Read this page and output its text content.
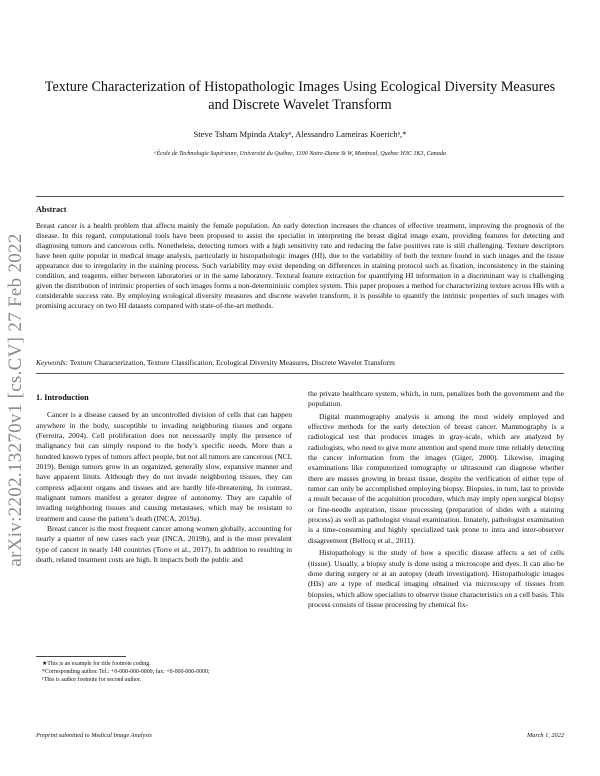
arXiv:2202.13270v1 [cs.CV] 27 Feb 2022
Texture Characterization of Histopathologic Images Using Ecological Diversity Measures and Discrete Wavelet Transform
Steve Tsham Mpinda Atakyᵃ, Alessandro Lameiras Koerichᵃ,*
ᵃÉcole de Technologie Supérieure, Université du Québec, 1100 Notre-Dame St W, Montreal, Quebec H3C 1K3, Canada
Abstract

Breast cancer is a health problem that affects mainly the female population. An early detection increases the chances of effective treatment, improving the prognosis of the disease. In this regard, computational tools have been proposed to assist the specialist in interpreting the breast digital image exam, providing features for detecting and diagnosing tumors and cancerous cells. Nonetheless, detecting tumors with a high sensitivity rate and reducing the false positives rate is still challenging. Texture descriptors have been quite popular in medical image analysis, particularly in histopathologic images (HI), due to the variability of both the texture found in such images and the tissue appearance due to irregularity in the staining process. Such variability may exist depending on differences in staining protocol such as fixation, inconsistency in the staining condition, and reagents, either between laboratories or in the same laboratory. Textural feature extraction for quantifying HI information in a discriminant way is challenging given the distribution of intrinsic properties of such images forms a non-deterministic complex system. This paper proposes a method for characterizing texture across HIs with a considerable success rate. By employing ecological diversity measures and discrete wavelet transform, it is possible to quantify the intrinsic properties of such images with promising accuracy on two HI datasets compared with state-of-the-art methods.

Keywords: Texture Characterization, Texture Classification, Ecological Diversity Measures, Discrete Wavelet Transform
1. Introduction

Cancer is a disease caused by an uncontrolled division of cells that can happen anywhere in the body, susceptible to invading neighboring tissues and organs (Ferreira, 2004). Cell proliferation does not necessarily imply the presence of malignancy but can simply respond to the body’s specific needs. More than a hundred known types of tumors affect people, but not all tumors are cancerous (NCI, 2019). Benign tumors grow in an organized, generally slow, expansive manner and have apparent limits. Although they do not invade neighboring tissues, they can compress adjacent organs and tissues and are hardly life-threatening. In contrast, malignant tumors manifest a greater degree of autonomy. They are capable of invading neighboring tissues and causing metastases, which may be resistant to treatment and cause the patient’s death (INCA, 2019a).

Breast cancer is the most frequent cancer among women globally, accounting for nearly a quarter of new cases each year (INCA, 2019b), and is the most prevalent type of cancer in nearly 140 countries (Torre et al., 2017). In addition to resulting in death, related treatment costs are high. It impacts both the public and

the private healthcare system, which, in turn, penalizes both the government and the population.

Digital mammography analysis is among the most widely employed and effective methods for the early detection of breast cancer. Mammography is a radiological test that produces images in gray-scale, which are analyzed by radiologists, who need to give more attention and spend more time reliably detecting the cancer information from the images (Giger, 2000). Likewise, imaging examinations like computerized tomography or ultrasound can diagnose whether there are masses growing in breast tissue, despite the verification of either type of tumor can only be accomplished employing biopsy. Biopsies, in turn, last to provide a result because of the acquisition procedure, which may imply open surgical biopsy or fine-needle aspiration, tissue processing (preparation of slides with a staining process) as well as pathologist visual examination. Innately, pathologist examination is a time-consuming and highly specialized task prone to intra and inter-observer disagreement (Bellocq et al., 2011).

Histopathology is the study of how a specific disease affects a set of cells (tissue). Usually, a biopsy study is done using a microscope and dyes. It can also be done during surgery or at an autopsy (death investigation). Histopathologic images (HIs) are a type of medical imaging obtained via microscopy of tissues from biopsies, which allow specialists to observe tissue characteristics on a cell basis. This process consists of tissue processing by chemical fix-

★This is an example for title footnote coding.
*Corresponding author. Tel.: +0-000-000-0000; fax: +0-000-000-0000;
¹This is author footnote for second author.
Preprint submitted to Medical Image Analysis	March 1, 2022
